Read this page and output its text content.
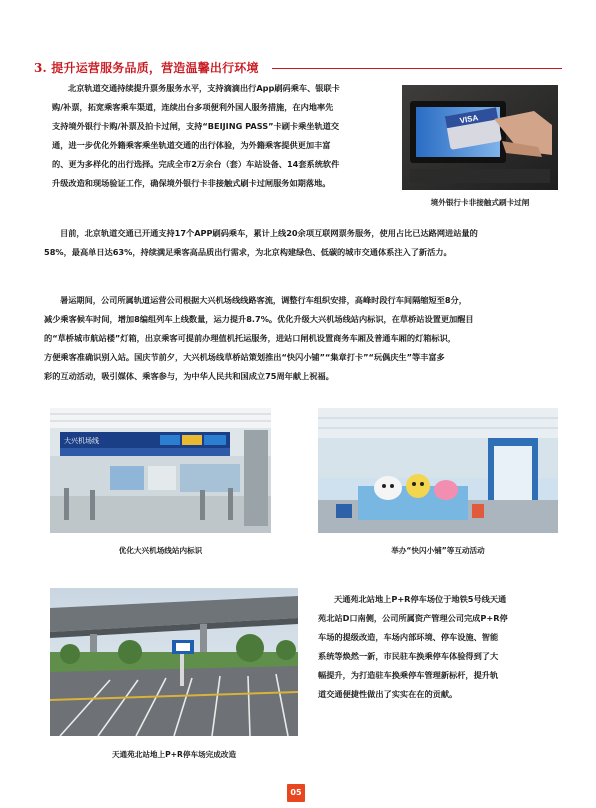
3. 提升运营服务品质，营造温馨出行环境

北京轨道交通持续提升票务服务水平，支持滴滴出行App刷码乘车、银联卡

购/补票，拓宽乘客乘车渠道，连续出台多项便利外国人服务措施，在内地率先

支持境外银行卡购/补票及拍卡过闸，支持“BEIJING PASS”卡刷卡乘坐轨道交

通，进一步优化外籍乘客乘坐轨道交通的出行体验，为外籍乘客提供更加丰富

的、更为多样化的出行选择。完成全市2万余台（套）车站设备、14套系统软件

升级改造和现场验证工作，确保境外银行卡非接触式刷卡过闸服务如期落地。

VISA
境外银行卡非接触式刷卡过闸

目前，北京轨道交通已开通支持17个APP刷码乘车，累计上线20余项互联网票务服务，使用占比已达路网进站量的

58%，最高单日达63%，持续满足乘客高品质出行需求，为北京构建绿色、低碳的城市交通体系注入了新活力。

暑运期间，公司所属轨道运营公司根据大兴机场线线路客流，调整行车组织安排，高峰时段行车间隔缩短至8分，

减少乘客候车时间，增加8编组列车上线数量，运力提升8.7%。优化升级大兴机场线站内标识，在草桥站设置更加醒目

的“草桥城市航站楼”灯箱，出京乘客可提前办理值机托运服务，进站口闸机设置商务车厢及普通车厢的灯箱标识，

方便乘客准确识别入站。国庆节前夕，大兴机场线草桥站策划推出“快闪小铺”“集章打卡”“玩偶庆生”等丰富多

彩的互动活动，吸引媒体、乘客参与，为中华人民共和国成立75周年献上祝福。

大兴机场线
优化大兴机场线站内标识	举办“快闪小铺”等互动活动
天通苑北站地上P+R停车场完成改造

天通苑北站地上P+R停车场位于地铁5号线天通

苑北站D口南侧，公司所属资产管理公司完成P+R停

车场的提级改造，车场内部环境、停车设施、智能

系统等焕然一新，市民驻车换乘停车体验得到了大

幅提升，为打造驻车换乘停车管理新标杆，提升轨

道交通便捷性做出了实实在在的贡献。

05
